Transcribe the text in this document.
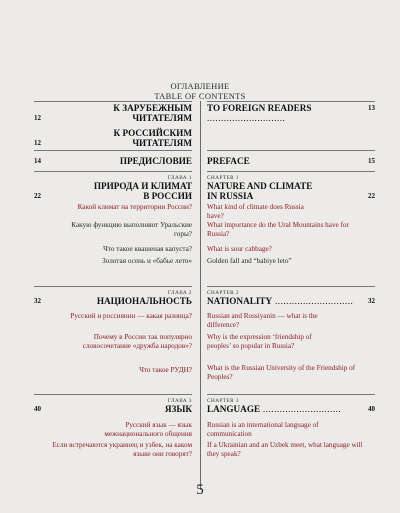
ОГЛАВЛЕНИЕ
TABLE OF CONTENTS
К ЗАРУБЕЖНЫМ
12	ЧИТАТЕЛЯМ
К РОССИЙСКИМ
12	ЧИТАТЕЛЯМ
14	ПРЕДИСЛОВИЕ
ГЛАВА 1
ПРИРОДА И КЛИМАТ
22	В РОССИИ
Какой климат на территории России?
Какую функцию выполняют Уральские горы?
Что такое квашеная капуста?
Золотая осень и «бабье лето»
ГЛАВА 2
32	НАЦИОНАЛЬНОСТЬ
Русский и россиянин — какая разница?
Почему в России так популярно словосочетание «дружба народов»?
Что такое РУДН?
ГЛАВА 3
40	ЯЗЫК
Русский язык — язык межнационального общения
Если встречаются украинец и узбек, на каком языке они говорят?
TO FOREIGN READERS .....	13
PREFACE	15
CHAPTER 1
NATURE AND CLIMATE
IN RUSSIA	22
What kind of climate does Russia have?
What importance do the Ural Mountains have for Russia?
What is sour cabbage?
Golden fall and “babiye leto”
CHAPTER 2
NATIONALITY .....	32
Russian and Rossiyanin — what is the difference?
Why is the expression ‘friendship of peoples’ so popular in Russia?
What is the Russian University of the Friendship of Peoples?
CHAPTER 3
LANGUAGE .....	40
Russian is an international language of communication
If a Ukrainian and an Uzbek meet, what language will they speak?
5
